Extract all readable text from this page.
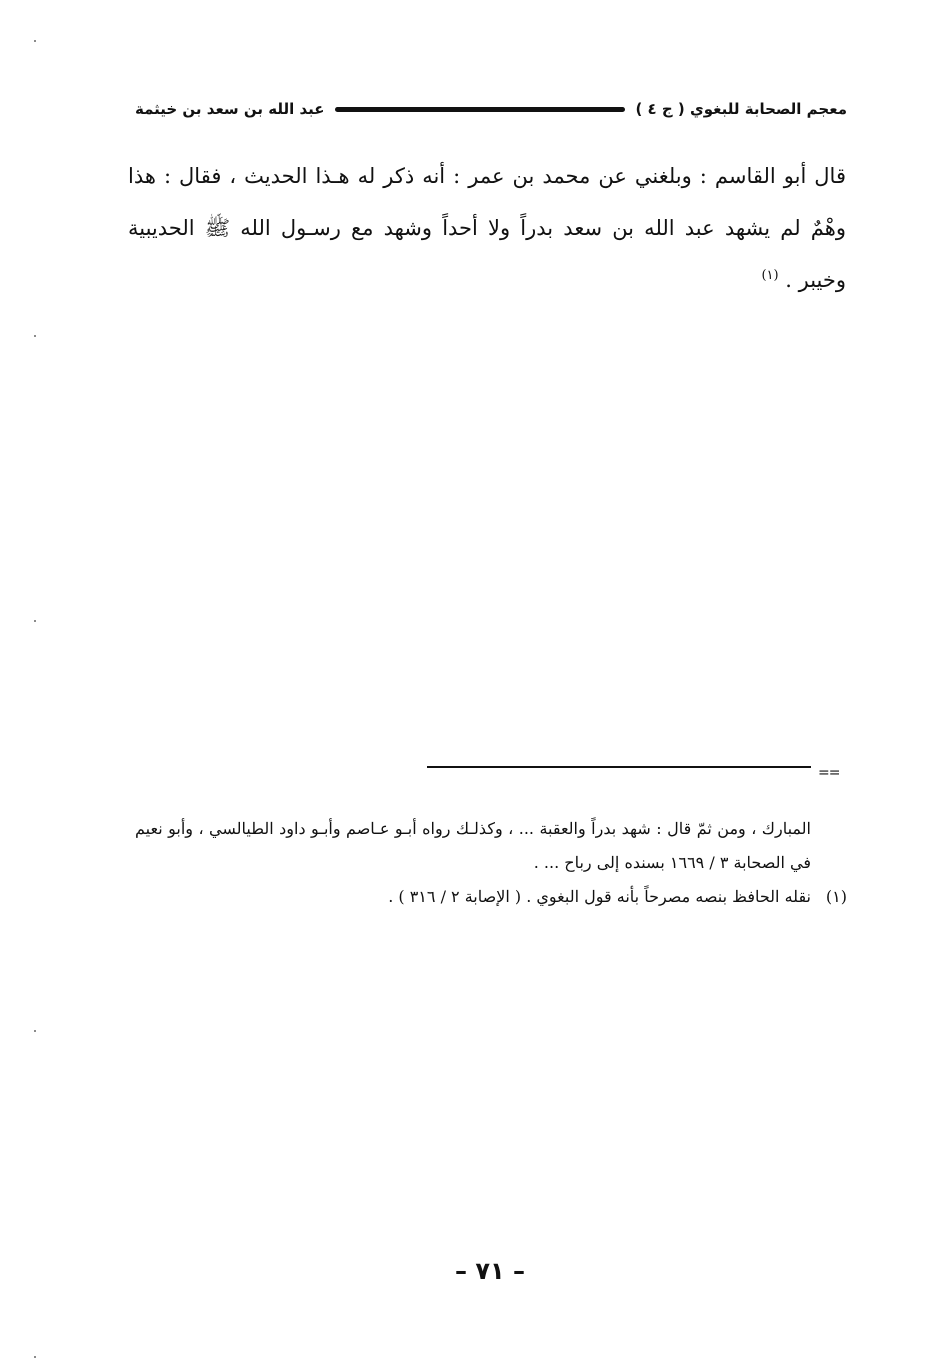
معجم الصحابة للبغوي ( ج ٤ )
عبد الله بن سعد بن خيثمة

قال أبو القاسم : وبلغني عن محمد بن عمر : أنه ذكر له هـذا الحديث ، فقال : هذا وهْمٌ لم يشهد عبد الله بن سعد بدراً ولا أحداً وشهد مع رسـول الله ﷺ الحديبية وخيبر . $^{(١)}$

==

المبارك ، ومن ثمّ قال : شهد بدراً والعقبة ... ، وكذلـك رواه أبـو عـاصم وأبـو داود الطيالسي ، وأبو نعيم في الصحابة ٣ / ١٦٦٩ بسنده إلى رباح ... .

(١)
نقله الحافظ بنصه مصرحاً بأنه قول البغوي . ( الإصابة ٢ / ٣١٦ ) .
– ٧١ –
